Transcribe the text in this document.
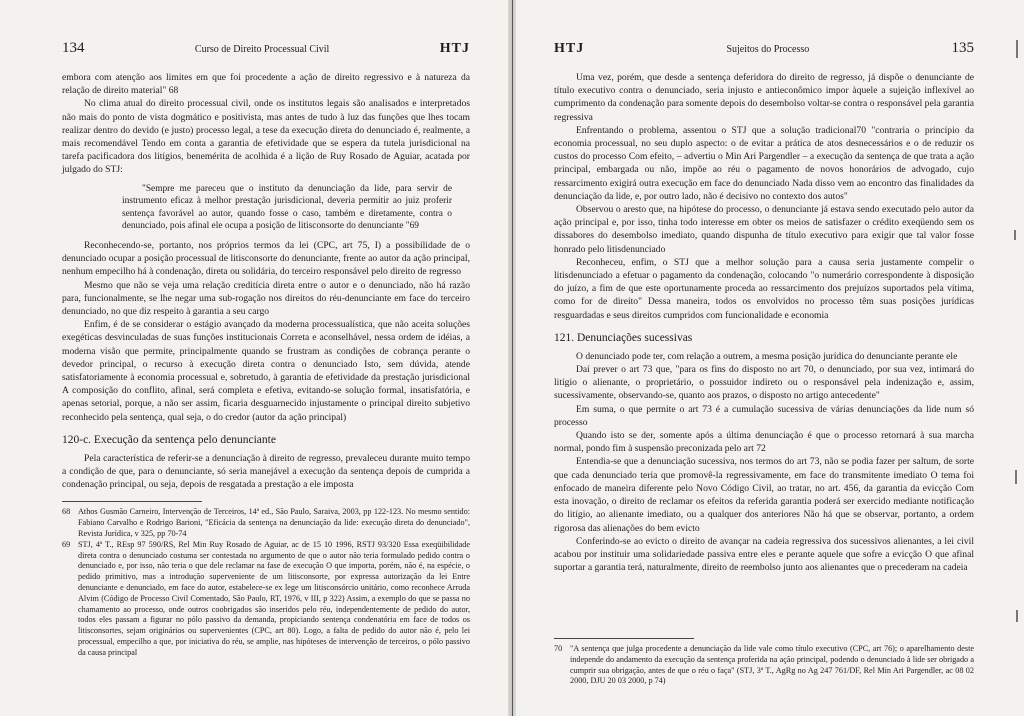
134	Curso de Direito Processual Civil	HTJ

embora com atenção aos limites em que foi procedente a ação de direito regressivo e à natureza da relação de direito material" 68

No clima atual do direito processual civil, onde os institutos legais são analisados e interpretados não mais do ponto de vista dogmático e positivista, mas antes de tudo à luz das funções que lhes tocam realizar dentro do devido (e justo) processo legal, a tese da execução direta do denunciado é, realmente, a mais recomendável Tendo em conta a garantia de efetividade que se espera da tutela jurisdicional na tarefa pacificadora dos litígios, benemérita de acolhida é a lição de Ruy Rosado de Aguiar, acatada por julgado do STJ:

"Sempre me pareceu que o instituto da denunciação da lide, para servir de instrumento eficaz à melhor prestação jurisdicional, deveria permitir ao juiz proferir sentença favorável ao autor, quando fosse o caso, também e diretamente, contra o denunciado, pois afinal ele ocupa a posição de litisconsorte do denunciante "69

Reconhecendo-se, portanto, nos próprios termos da lei (CPC, art 75, I) a possibilidade de o denunciado ocupar a posição processual de litisconsorte do denunciante, frente ao autor da ação principal, nenhum empecilho há à condenação, direta ou solidária, do terceiro responsável pelo direito de regresso

Mesmo que não se veja uma relação creditícia direta entre o autor e o denunciado, não há razão para, funcionalmente, se lhe negar uma sub-rogação nos direitos do réu-denunciante em face do terceiro denunciado, no que diz respeito à garantia a seu cargo

Enfim, é de se considerar o estágio avançado da moderna processualística, que não aceita soluções exegéticas desvinculadas de suas funções institucionais Correta e aconselhável, nessa ordem de idéias, a moderna visão que permite, principalmente quando se frustram as condições de cobrança perante o devedor principal, o recurso à execução direta contra o denunciado Isto, sem dúvida, atende satisfatoriamente à economia processual e, sobretudo, à garantia de efetividade da prestação jurisdicional A composição do conflito, afinal, será completa e efetiva, evitando-se solução formal, insatisfatória, e apenas setorial, porque, a não ser assim, ficaria desguarnecido injustamente o principal direito subjetivo reconhecido pela sentença, qual seja, o do credor (autor da ação principal)

120-c. Execução da sentença pelo denunciante

Pela característica de referir-se a denunciação à direito de regresso, prevaleceu durante muito tempo a condição de que, para o denunciante, só seria manejável a execução da sentença depois de cumprida a condenação principal, ou seja, depois de resgatada a prestação a ele imposta

68 Athos Gusmão Carneiro, Intervenção de Terceiros, 14ª ed., São Paulo, Saraiva, 2003, pp 122-123. No mesmo sentido: Fabiano Carvalho e Rodrigo Barioni, "Eficácia da sentença na denunciação da lide: execução direta do denunciado", Revista Jurídica, v 325, pp 70-74
69 STJ, 4ª T., REsp 97 590/RS, Rel Min Ruy Rosado de Aguiar, ac de 15 10 1996, RSTJ 93/320 Essa exeqüibilidade direta contra o denunciado costuma ser contestada no argumento de que o autor não teria formulado pedido contra o denunciado e, por isso, não teria o que dele reclamar na fase de execução O que importa, porém, não é, na espécie, o pedido primitivo, mas a introdução superveniente de um litisconsorte, por expressa autorização da lei Entre denunciante e denunciado, em face do autor, estabelece-se ex lege um litisconsórcio unitário, como reconhece Arruda Alvim (Código de Processo Civil Comentado, São Paulo, RT, 1976, v III, p 322) Assim, a exemplo do que se passa no chamamento ao processo, onde outros coobrigados são inseridos pelo réu, independentemente de pedido do autor, todos eles passam a figurar no pólo passivo da demanda, propiciando sentença condenatória em face de todos os litisconsortes, sejam originários ou supervenientes (CPC, art 80). Logo, a falta de pedido do autor não é, pelo lei processual, empecilho a que, por iniciativa do réu, se amplie, nas hipóteses de intervenção de terceiros, o pólo passivo da causa principal
HTJ	Sujeitos do Processo	135

Uma vez, porém, que desde a sentença deferidora do direito de regresso, já dispõe o denunciante de título executivo contra o denunciado, seria injusto e antieconômico impor àquele a sujeição inflexível ao cumprimento da condenação para somente depois do desembolso voltar-se contra o responsável pela garantia regressiva

Enfrentando o problema, assentou o STJ que a solução tradicional70 "contraria o princípio da economia processual, no seu duplo aspecto: o de evitar a prática de atos desnecessários e o de reduzir os custos do processo Com efeito, – advertiu o Min Ari Pargendler – a execução da sentença de que trata a ação principal, embargada ou não, impõe ao réu o pagamento de novos honorários de advogado, cujo ressarcimento exigirá outra execução em face do denunciado Nada disso vem ao encontro das finalidades da denunciação da lide, e, por outro lado, não é decisivo no contexto dos autos"

Observou o aresto que, na hipótese do processo, o denunciante já estava sendo executado pelo autor da ação principal e, por isso, tinha todo interesse em obter os meios de satisfazer o crédito exeqüendo sem os dissabores do desembolso imediato, quando dispunha de título executivo para exigir que tal valor fosse honrado pelo litisdenunciado

Reconheceu, enfim, o STJ que a melhor solução para a causa seria justamente compelir o litisdenunciado a efetuar o pagamento da condenação, colocando "o numerário correspondente à disposição do juízo, a fim de que este oportunamente proceda ao ressarcimento dos prejuízos suportados pela vítima, como for de direito" Dessa maneira, todos os envolvidos no processo têm suas posições jurídicas resguardadas e seus direitos cumpridos com funcionalidade e economia

121. Denunciações sucessivas

O denunciado pode ter, com relação a outrem, a mesma posição jurídica do denunciante perante ele

Daí prever o art 73 que, "para os fins do disposto no art 70, o denunciado, por sua vez, intimará do litígio o alienante, o proprietário, o possuidor indireto ou o responsável pela indenização e, assim, sucessivamente, observando-se, quanto aos prazos, o disposto no artigo antecedente"

Em suma, o que permite o art 73 é a cumulação sucessiva de várias denunciações da lide num só processo

Quando isto se der, somente após a última denunciação é que o processo retornará à sua marcha normal, pondo fim à suspensão preconizada pelo art 72

Entendia-se que a denunciação sucessiva, nos termos do art 73, não se podia fazer per saltum, de sorte que cada denunciado teria que promovê-la regressivamente, em face do transmitente imediato O tema foi enfocado de maneira diferente pelo Novo Código Civil, ao tratar, no art. 456, da garantia da evicção Com esta inovação, o direito de reclamar os efeitos da referida garantia poderá ser exercido mediante notificação do litígio, ao alienante imediato, ou a qualquer dos anteriores Não há que se observar, portanto, a ordem rigorosa das alienações do bem evicto

Conferindo-se ao evicto o direito de avançar na cadeia regressiva dos sucessivos alienantes, a lei civil acabou por instituir uma solidariedade passiva entre eles e perante aquele que sofre a evicção O que afinal suportar a garantia terá, naturalmente, direito de reembolso junto aos alienantes que o precederam na cadeia

70 "A sentença que julga procedente a denunciação da lide vale como título executivo (CPC, art 76); o aparelhamento deste independe do andamento da execução da sentença proferida na ação principal, podendo o denunciado à lide ser obrigado a cumprir sua obrigação, antes de que o réu o faça" (STJ, 3ª T., AgRg no Ag 247 761/DF, Rel Min Ari Pargendler, ac 08 02 2000, DJU 20 03 2000, p 74)
